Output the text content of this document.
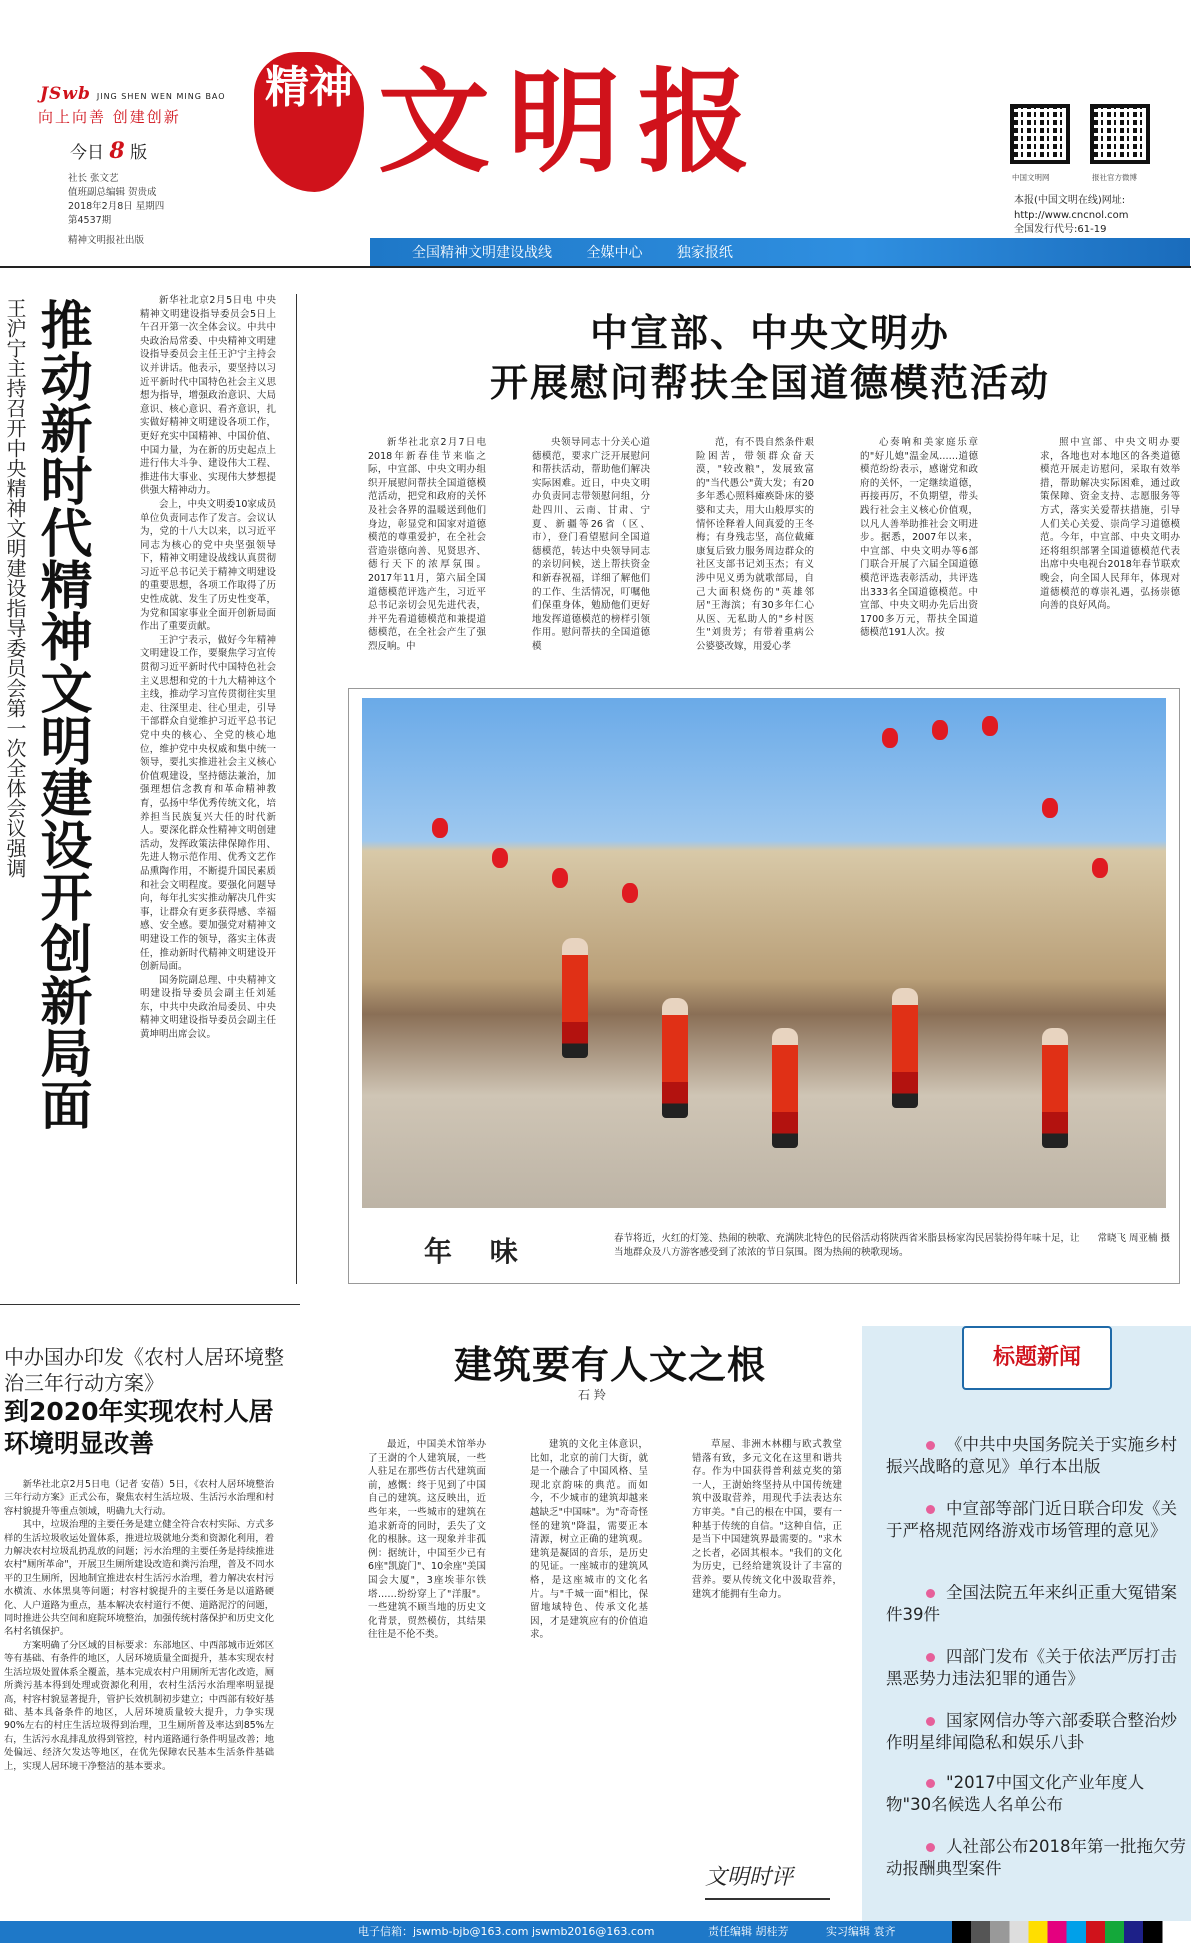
JSwb JING SHEN WEN MING BAO
向上向善 创建创新
今日 8 版
社长 张文艺
值班副总编辑 贺贵成
2018年2月8日 星期四
第4537期
精神文明报社出版
精神 文明报	中国文明网	报社官方微博
本报(中国文明在线)网址:
http://www.cncnol.com
全国发行代号:61-19
全国精神文明建设战线 全媒中心 独家报纸
王沪宁主持召开中央精神文明建设指导委员会第一次全体会议强调 推动新时代精神文明建设开创新局面	新华社北京2月5日电 中央精神文明建设指导委员会5日上午召开第一次全体会议。中共中央政治局常委、中央精神文明建设指导委员会主任王沪宁主持会议并讲话。他表示，要坚持以习近平新时代中国特色社会主义思想为指导，增强政治意识、大局意识、核心意识、看齐意识，扎实做好精神文明建设各项工作，更好充实中国精神、中国价值、中国力量，为在新的历史起点上进行伟大斗争、建设伟大工程、推进伟大事业、实现伟大梦想提供强大精神动力。

会上，中央文明委10家成员单位负责同志作了发言。会议认为，党的十八大以来，以习近平同志为核心的党中央坚强领导下，精神文明建设战线认真贯彻习近平总书记关于精神文明建设的重要思想，各项工作取得了历史性成就、发生了历史性变革，为党和国家事业全面开创新局面作出了重要贡献。

王沪宁表示，做好今年精神文明建设工作，要聚焦学习宣传贯彻习近平新时代中国特色社会主义思想和党的十九大精神这个主线，推动学习宣传贯彻往实里走、往深里走、往心里走，引导干部群众自觉维护习近平总书记党中央的核心、全党的核心地位，维护党中央权威和集中统一领导，要扎实推进社会主义核心价值观建设，坚持德法兼治，加强理想信念教育和革命精神教育，弘扬中华优秀传统文化，培养担当民族复兴大任的时代新人。要深化群众性精神文明创建活动，发挥政策法律保障作用、先进人物示范作用、优秀文艺作品熏陶作用，不断提升国民素质和社会文明程度。要强化问题导向，每年扎实实推动解决几件实事，让群众有更多获得感、幸福感、安全感。要加强党对精神文明建设工作的领导，落实主体责任，推动新时代精神文明建设开创新局面。

国务院副总理、中央精神文明建设指导委员会副主任刘延东，中共中央政治局委员、中央精神文明建设指导委员会副主任黄坤明出席会议。

中宣部、中央文明办
开展慰问帮扶全国道德模范活动

新华社北京2月7日电 2018年新春佳节来临之际，中宣部、中央文明办组织开展慰问帮扶全国道德模范活动，把党和政府的关怀及社会各界的温暖送到他们身边，彰显党和国家对道德模范的尊重爱护，在全社会营造崇德向善、见贤思齐、德行天下的浓厚氛围。2017年11月，第六届全国道德模范评选产生，习近平总书记亲切会见先进代表，并平先看道德模范和兼提道德模范，在全社会产生了强烈反响。中

央领导同志十分关心道德模范，要求广泛开展慰问和帮扶活动，帮助他们解决实际困难。近日，中央文明办负责同志带领慰问组，分赴四川、云南、甘肃、宁夏、新疆等26省（区、市），登门看望慰问全国道德模范，转达中央领导同志的亲切问候，送上帮扶资金和新春祝福，详细了解他们的工作、生活情况，叮嘱他们保重身体，勉励他们更好地发挥道德模范的榜样引领作用。慰问帮扶的全国道德模

范，有不畏自然条件艰险困苦，带领群众奋天漠，"较改粮"，发展致富的"当代愚公"黄大发；有20多年悉心照料瘫痪卧床的婆婆和丈夫，用大山般厚实的情怀诠释着人间真爱的王冬梅；有身残志坚，高位截瘫康复后致力服务周边群众的社区支部书记刘玉杰；有义涉中见义勇为就歌部局，自己大面积烧伤的"英雄邻居"王海滨；有30多年仁心从医、无私助人的"乡村医生"刘贵芳；有带着重病公公婆婆改嫁，用爱心孝

心奏响和美家庭乐章的"好儿媳"温金凤……道德模范纷纷表示，感谢党和政府的关怀，一定继续道德，再接再厉，不负期望，带头践行社会主义核心价值观，以凡人善举助推社会文明进步。据悉，2007年以来，中宣部、中央文明办等6部门联合开展了六届全国道德模范评选表彰活动，共评选出333名全国道德模范。中宣部、中央文明办先后出资1700多万元，帮扶全国道德模范191人次。按

照中宣部、中央文明办要求，各地也对本地区的各类道德模范开展走访慰问，采取有效举措，帮助解决实际困难，通过政策保障、资金支持、志愿服务等方式，落实关爱帮扶措施，引导人们关心关爱、崇尚学习道德模范。今年，中宣部、中央文明办还将组织部署全国道德模范代表出席中央电视台2018年春节联欢晚会，向全国人民拜年，体现对道德模范的尊崇礼遇，弘扬崇德向善的良好风尚。

年 味	常晓飞 周亚楠 摄
春节将近，火红的灯笼、热闹的秧歌、充满陕北特色的民俗活动将陕西省米脂县杨家沟民居装扮得年味十足，让当地群众及八方游客感受到了浓浓的节日氛围。图为热闹的秧歌现场。
中办国办印发《农村人居环境整治三年行动方案》
到2020年实现农村人居环境明显改善

新华社北京2月5日电（记者 安蓓）5日，《农村人居环境整治三年行动方案》正式公布，聚焦农村生活垃圾、生活污水治理和村容村貌提升等重点领域，明确九大行动。

其中，垃圾治理的主要任务是建立健全符合农村实际、方式多样的生活垃圾收运处置体系，推进垃圾就地分类和资源化利用，着力解决农村垃圾乱扔乱放的问题；污水治理的主要任务是持续推进农村"厕所革命"，开展卫生厕所建设改造和粪污治理，普及不同水平的卫生厕所，因地制宜推进农村生活污水治理，着力解决农村污水横流、水体黑臭等问题；村容村貌提升的主要任务是以道路硬化、人户道路为重点，基本解决农村道行不便、道路泥泞的问题，同时推进公共空间和庭院环境整治，加强传统村落保护和历史文化名村名镇保护。

方案明确了分区域的目标要求：东部地区、中西部城市近郊区等有基础、有条件的地区，人居环境质量全面提升，基本实现农村生活垃圾处置体系全覆盖，基本完成农村户用厕所无害化改造，厕所粪污基本得到处理或资源化利用，农村生活污水治理率明显提高，村容村貌显著提升，管护长效机制初步建立；中西部有较好基础、基本具备条件的地区，人居环境质量较大提升，力争实现90%左右的村庄生活垃圾得到治理，卫生厕所普及率达到85%左右，生活污水乱排乱放得到管控，村内道路通行条件明显改善；地处偏远、经济欠发达等地区，在优先保障农民基本生活条件基础上，实现人居环境干净整洁的基本要求。

建筑要有人文之根
石 羚

最近，中国美术馆举办了王澍的个人建筑展，一些人驻足在那些仿古代建筑面前，感慨：终于见到了中国自己的建筑。这反映出，近些年来，一些城市的建筑在追求新奇的同时，丢失了文化的根脉。这一现象并非孤例：据统计，中国至少已有6座"凯旋门"、10余座"美国国会大厦"，3座埃菲尔铁塔……纷纷穿上了"洋服"。一些建筑不顾当地的历史文化背景，贸然模仿，其结果往往是不伦不类。

建筑的文化主体意识，比如，北京的前门大街，就是一个融合了中国风格、呈现北京韵味的典范。而如今，不少城市的建筑却越来越缺乏"中国味"。为"奇奇怪怪的建筑"降温，需要正本清源，树立正确的建筑观。建筑是凝固的音乐，是历史的见证。一座城市的建筑风格，是这座城市的文化名片。与"千城一面"相比，保留地域特色、传承文化基因，才是建筑应有的价值追求。

草屋、非洲木林棚与欧式教堂错落有致，多元文化在这里和谐共存。作为中国获得普利兹克奖的第一人，王澍始终坚持从中国传统建筑中汲取营养，用现代手法表达东方审美。"自己的根在中国，要有一种基于传统的自信。"这种自信，正是当下中国建筑界最需要的。"求木之长者，必固其根本。"我们的文化为历史，已经给建筑设计了丰富的营养。要从传统文化中汲取营养，建筑才能拥有生命力。

文明时评
标题新闻
《中共中央国务院关于实施乡村振兴战略的意见》单行本出版
中宣部等部门近日联合印发《关于严格规范网络游戏市场管理的意见》
全国法院五年来纠正重大冤错案件39件
四部门发布《关于依法严厉打击黑恶势力违法犯罪的通告》
国家网信办等六部委联合整治炒作明星绯闻隐私和娱乐八卦
"2017中国文化产业年度人物"30名候选人名单公布
人社部公布2018年第一批拖欠劳动报酬典型案件
电子信箱：jswmb-bjb@163.com jswmb2016@163.com	责任编辑 胡桂芳	实习编辑 袁齐
